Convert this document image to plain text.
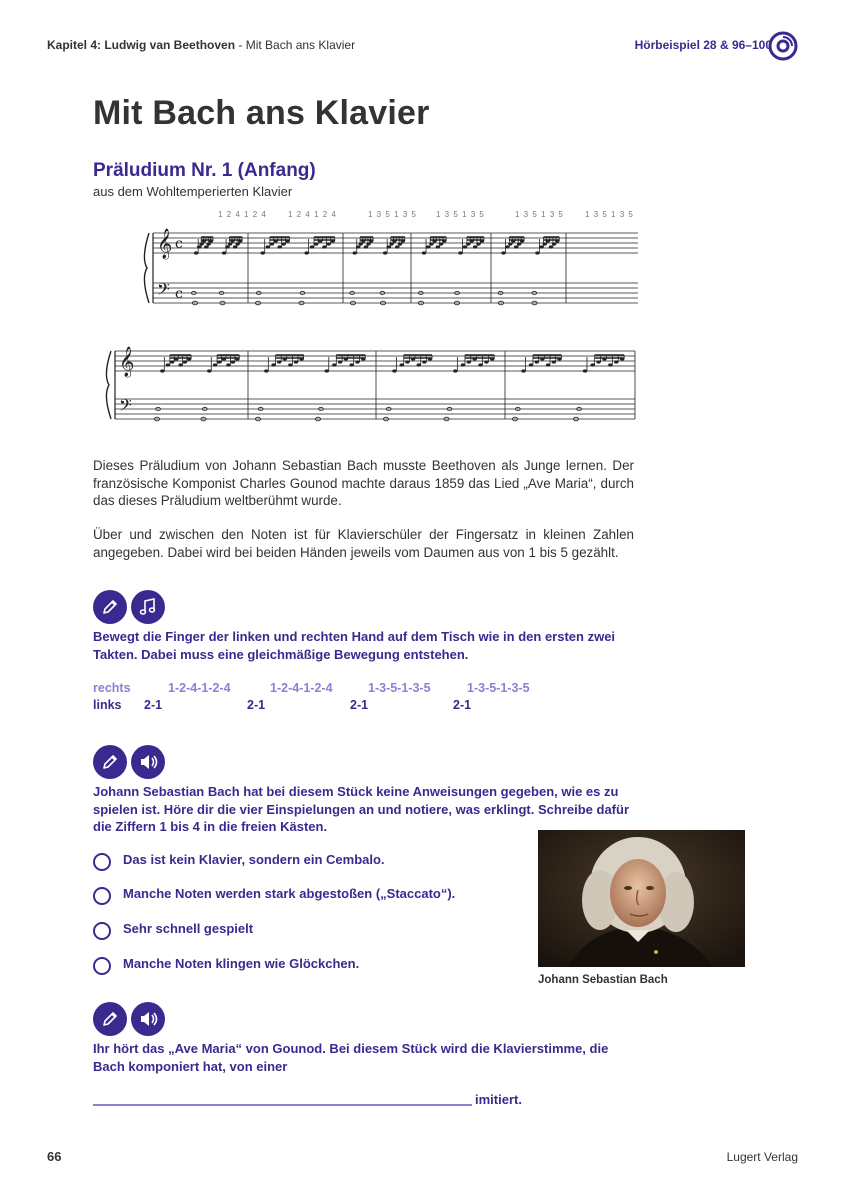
Kapitel 4: Ludwig van Beethoven - Mit Bach ans Klavier	Hörbeispiel 28 & 96–100
Mit Bach ans Klavier
Präludium Nr. 1 (Anfang)
aus dem Wohltemperierten Klavier
1 2 4 1 2 4	1 2 4 1 2 4	1 3 5 1 3 5 1 3 5 1 3 5	1 3 5 1 3 5	1 3 5 1 3 5
𝄞
𝄢
c
c
𝄞
𝄢
Dieses Präludium von Johann Sebastian Bach musste Beethoven als Junge lernen. Der französische Komponist Charles Gounod machte daraus 1859 das Lied „Ave Maria“, durch das dieses Präludium weltberühmt wurde.
Über und zwischen den Noten ist für Klavierschüler der Fingersatz in kleinen Zahlen angegeben. Dabei wird bei beiden Händen jeweils vom Daumen aus von 1 bis 5 gezählt.
Bewegt die Finger der linken und rechten Hand auf dem Tisch wie in den ersten zwei Takten. Dabei muss eine gleichmäßige Bewegung entstehen.
rechts	1-2-4-1-2-4	1-2-4-1-2-4	1-3-5-1-3-5	1-3-5-1-3-5
links 2-1	2-1	2-1	2-1
Johann Sebastian Bach hat bei diesem Stück keine Anweisungen gegeben, wie es zu spielen ist. Höre dir die vier Einspielungen an und notiere, was erklingt. Schreibe dafür die Ziffern 1 bis 4 in die freien Kästen.
Das ist kein Klavier, sondern ein Cembalo.
Manche Noten werden stark abgestoßen („Staccato“).
Sehr schnell gespielt
Manche Noten klingen wie Glöckchen.
Johann Sebastian Bach
Ihr hört das „Ave Maria“ von Gounod. Bei diesem Stück wird die Klavierstimme, die Bach komponiert hat, von einer
imitiert.
66	Lugert Verlag
